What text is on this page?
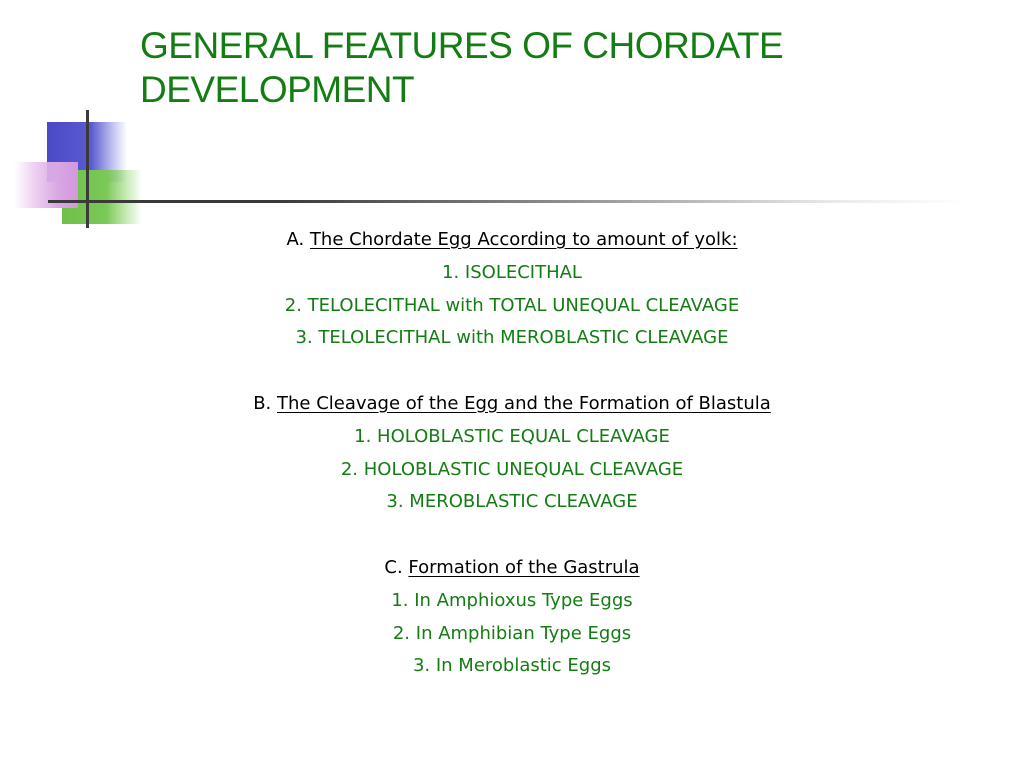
GENERAL FEATURES OF CHORDATE
DEVELOPMENT
A. The Chordate Egg According to amount of yolk:
1. ISOLECITHAL
2. TELOLECITHAL with TOTAL UNEQUAL CLEAVAGE
3. TELOLECITHAL with MEROBLASTIC CLEAVAGE
B. The Cleavage of the Egg and the Formation of Blastula
1. HOLOBLASTIC EQUAL CLEAVAGE
2. HOLOBLASTIC UNEQUAL CLEAVAGE
3. MEROBLASTIC CLEAVAGE
C. Formation of the Gastrula
1. In Amphioxus Type Eggs
2. In Amphibian Type Eggs
3. In Meroblastic Eggs
